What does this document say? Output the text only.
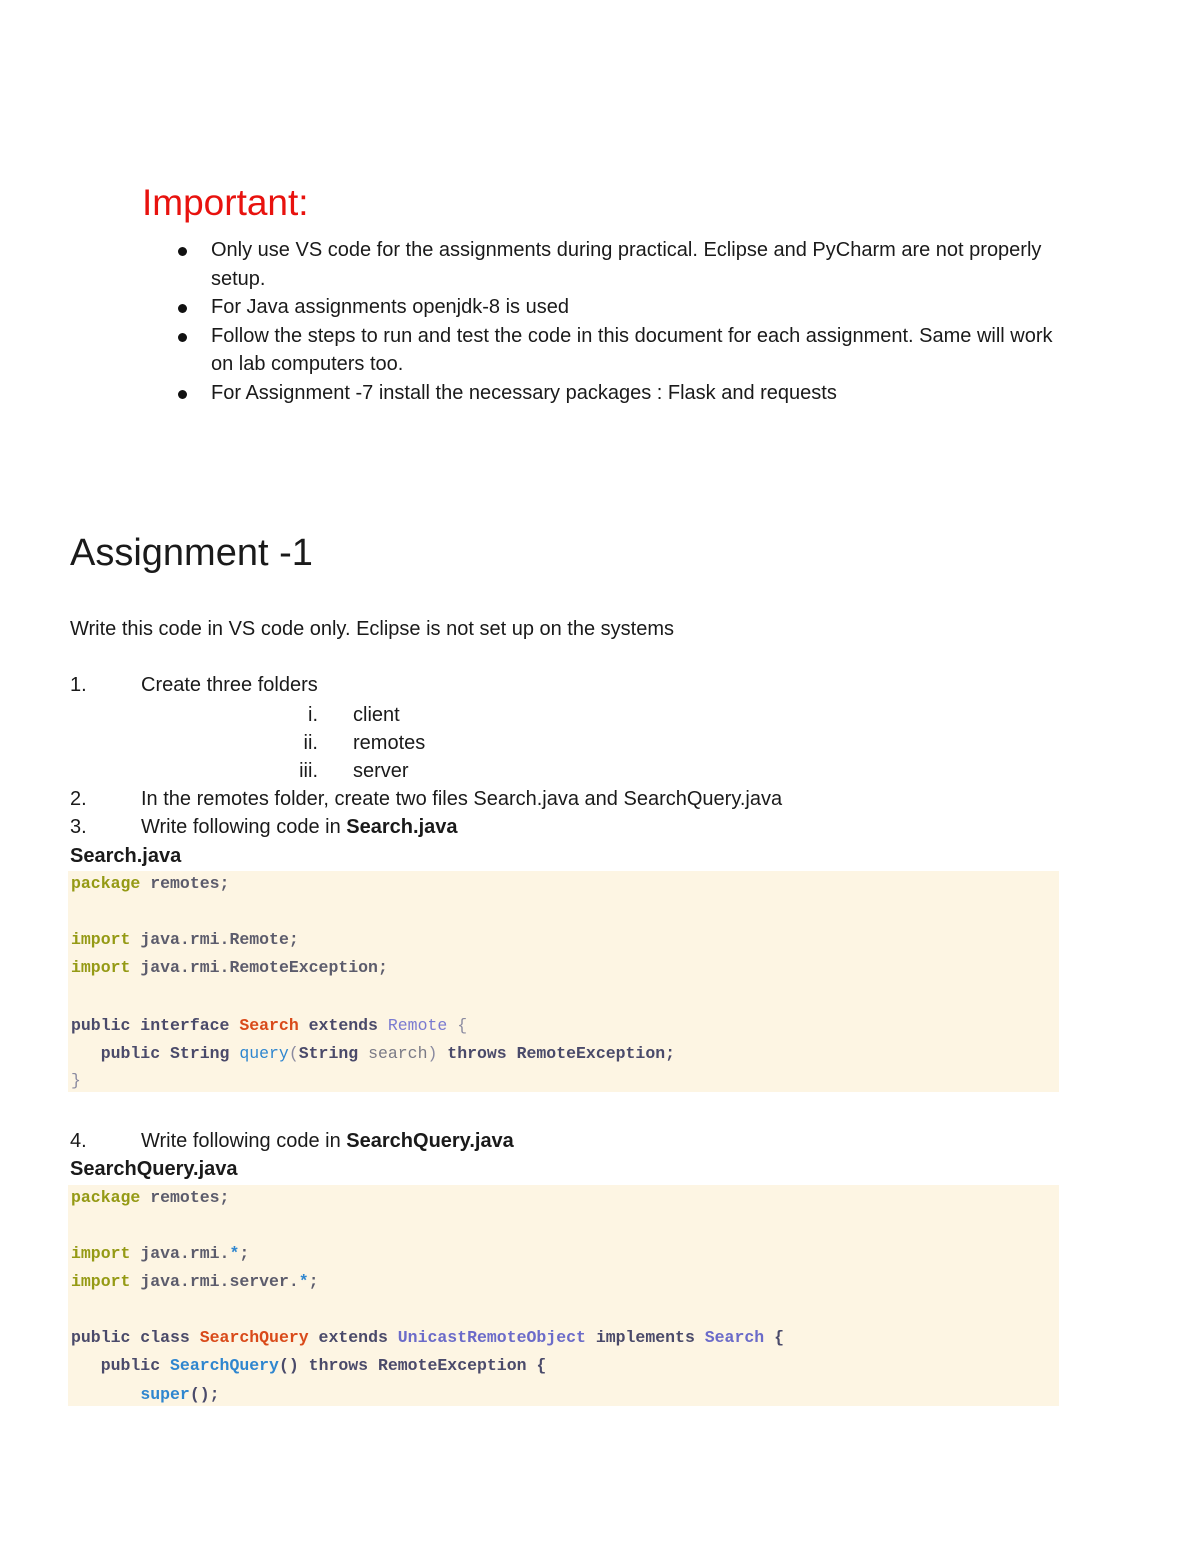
Important:
Only use VS code for the assignments during practical. Eclipse and PyCharm are not properly setup.
For Java assignments openjdk-8 is used
Follow the steps to run and test the code in this document for each assignment. Same will work on lab computers too.
For Assignment -7 install the necessary packages : Flask and requests
Assignment -1
Write this code in VS code only. Eclipse is not set up on the systems
1.	Create three folders
i. client
ii. remotes
iii. server
2.	In the remotes folder, create two files Search.java and SearchQuery.java
3.	Write following code in Search.java
Search.java
package remotes;
import java.rmi.Remote;
import java.rmi.RemoteException;
public interface Search extends Remote {
public String query(String search) throws RemoteException;
}
4.	Write following code in SearchQuery.java
SearchQuery.java
package remotes;
import java.rmi.*;
import java.rmi.server.*;
public class SearchQuery extends UnicastRemoteObject implements Search {
public SearchQuery() throws RemoteException {
super();
